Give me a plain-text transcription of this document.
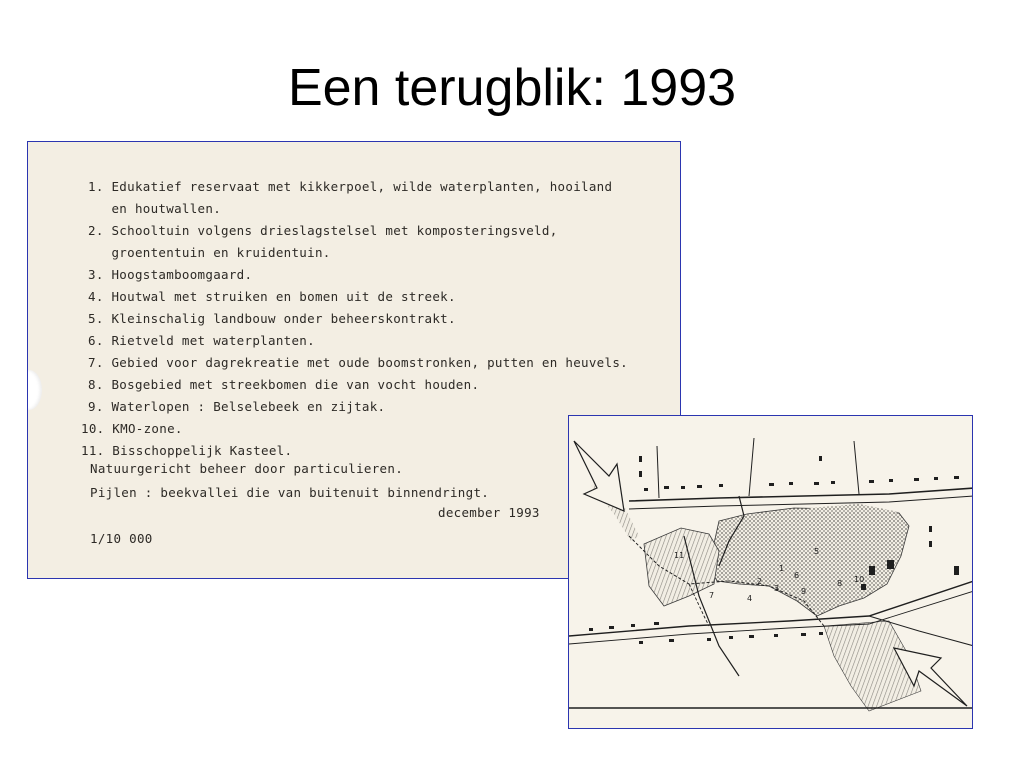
Een terugblik: 1993
1. Edukatief reservaat met kikkerpoel, wilde waterplanten, hooiland
en houtwallen.
2. Schooltuin volgens drieslagstelsel met komposteringsveld,
groententuin en kruidentuin.
3. Hoogstamboomgaard.
4. Houtwal met struiken en bomen uit de streek.
5. Kleinschalig landbouw onder beheerskontrakt.
6. Rietveld met waterplanten.
7. Gebied voor dagrekreatie met oude boomstronken, putten en heuvels.
8. Bosgebied met streekbomen die van vocht houden.
9. Waterlopen : Belselebeek en zijtak.
10. KMO-zone.
11. Bisschoppelijk Kasteel.
Natuurgericht beheer door particulieren.
Pijlen : beekvallei die van buitenuit binnendringt.
december 1993
1/10 000
1
2
3
4
5
6
7
8
9
10
11
